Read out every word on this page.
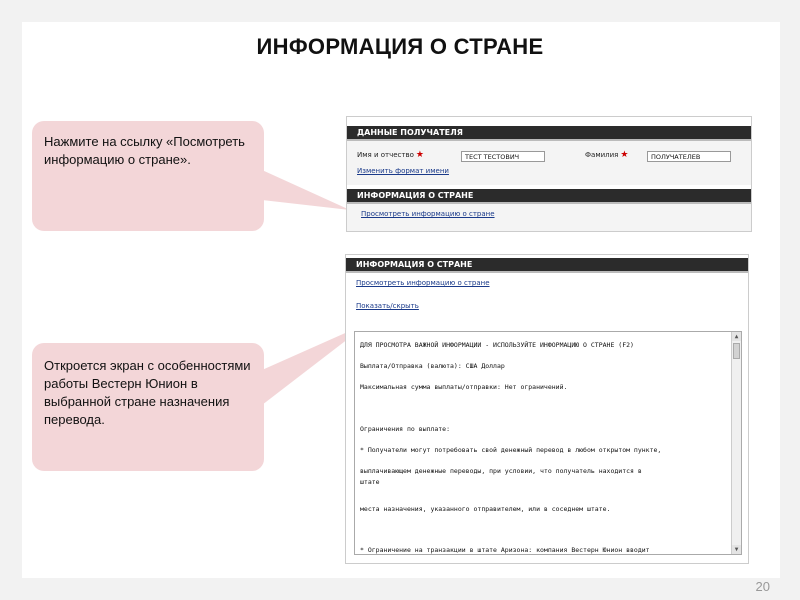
ИНФОРМАЦИЯ О СТРАНЕ
Нажмите на ссылку «Посмотреть информацию о стране».
Откроется экран с особенностями работы Вестерн Юнион в выбранной стране назначения перевода.
ДАННЫЕ ПОЛУЧАТЕЛЯ
Имя и отчество ★	ТЕСТ ТЕСТОВИЧ	Фамилия ★	ПОЛУЧАТЕЛЕВ
Изменить формат имени
ИНФОРМАЦИЯ О СТРАНЕ
Просмотреть информацию о стране
ИНФОРМАЦИЯ О СТРАНЕ
Просмотреть информацию о стране
Показать/скрыть
ДЛЯ ПРОСМОТРА ВАЖНОЙ ИНФОРМАЦИИ - ИСПОЛЬЗУЙТЕ ИНФОРМАЦИЮ О СТРАНЕ (F2)
Выплата/Отправка (валюта): США Доллар
Максимальная сумма выплаты/отправки: Нет ограничений.
Ограничения по выплате:
* Получатели могут потребовать свой денежный перевод в любом открытом пункте,
выплачивающем денежные переводы, при условии, что получатель находится в
штате
места назначения, указанного отправителем, или в соседнем штате.
* Ограничение на транзакции в штате Аризона: компания Вестерн Юнион вводит
▲
▼
20
